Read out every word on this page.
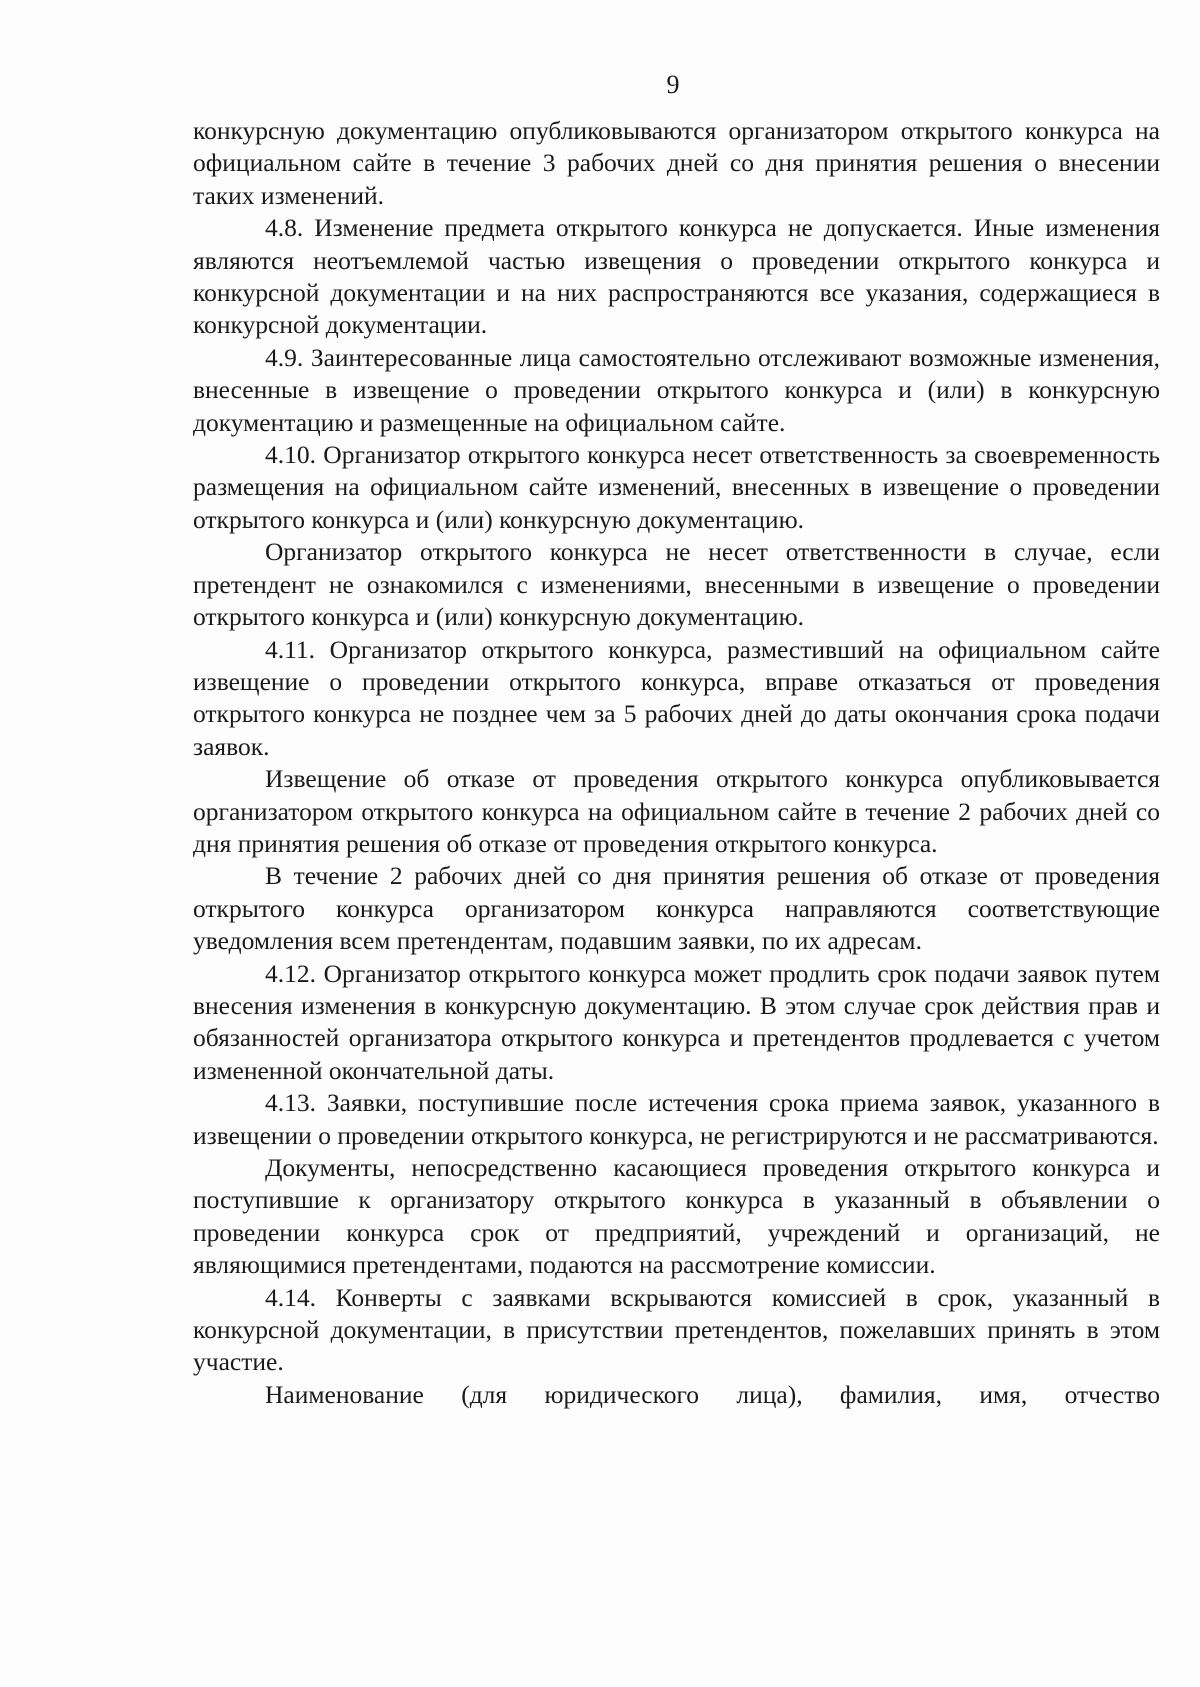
9

конкурсную документацию опубликовываются организатором открытого конкурса на официальном сайте в течение 3 рабочих дней со дня принятия решения о внесении таких изменений.

4.8. Изменение предмета открытого конкурса не допускается. Иные изменения являются неотъемлемой частью извещения о проведении открытого конкурса и конкурсной документации и на них распространяются все указания, содержащиеся в конкурсной документации.

4.9. Заинтересованные лица самостоятельно отслеживают возможные изменения, внесенные в извещение о проведении открытого конкурса и (или) в конкурсную документацию и размещенные на официальном сайте.

4.10. Организатор открытого конкурса несет ответственность за своевременность размещения на официальном сайте изменений, внесенных в извещение о проведении открытого конкурса и (или) конкурсную документацию.

Организатор открытого конкурса не несет ответственности в случае, если претендент не ознакомился с изменениями, внесенными в извещение о проведении открытого конкурса и (или) конкурсную документацию.

4.11. Организатор открытого конкурса, разместивший на официальном сайте извещение о проведении открытого конкурса, вправе отказаться от проведения открытого конкурса не позднее чем за 5 рабочих дней до даты окончания срока подачи заявок.

Извещение об отказе от проведения открытого конкурса опубликовывается организатором открытого конкурса на официальном сайте в течение 2 рабочих дней со дня принятия решения об отказе от проведения открытого конкурса.

В течение 2 рабочих дней со дня принятия решения об отказе от проведения открытого конкурса организатором конкурса направляются соответствующие уведомления всем претендентам, подавшим заявки, по их адресам.

4.12. Организатор открытого конкурса может продлить срок подачи заявок путем внесения изменения в конкурсную документацию. В этом случае срок действия прав и обязанностей организатора открытого конкурса и претендентов продлевается с учетом измененной окончательной даты.

4.13. Заявки, поступившие после истечения срока приема заявок, указанного в извещении о проведении открытого конкурса, не регистрируются и не рассматриваются.

Документы, непосредственно касающиеся проведения открытого конкурса и поступившие к организатору открытого конкурса в указанный в объявлении о проведении конкурса срок от предприятий, учреждений и организаций, не являющимися претендентами, подаются на рассмотрение комиссии.

4.14. Конверты с заявками вскрываются комиссией в срок, указанный в конкурсной документации, в присутствии претендентов, пожелавших принять в этом участие.

Наименование (для юридического лица), фамилия, имя, отчество
